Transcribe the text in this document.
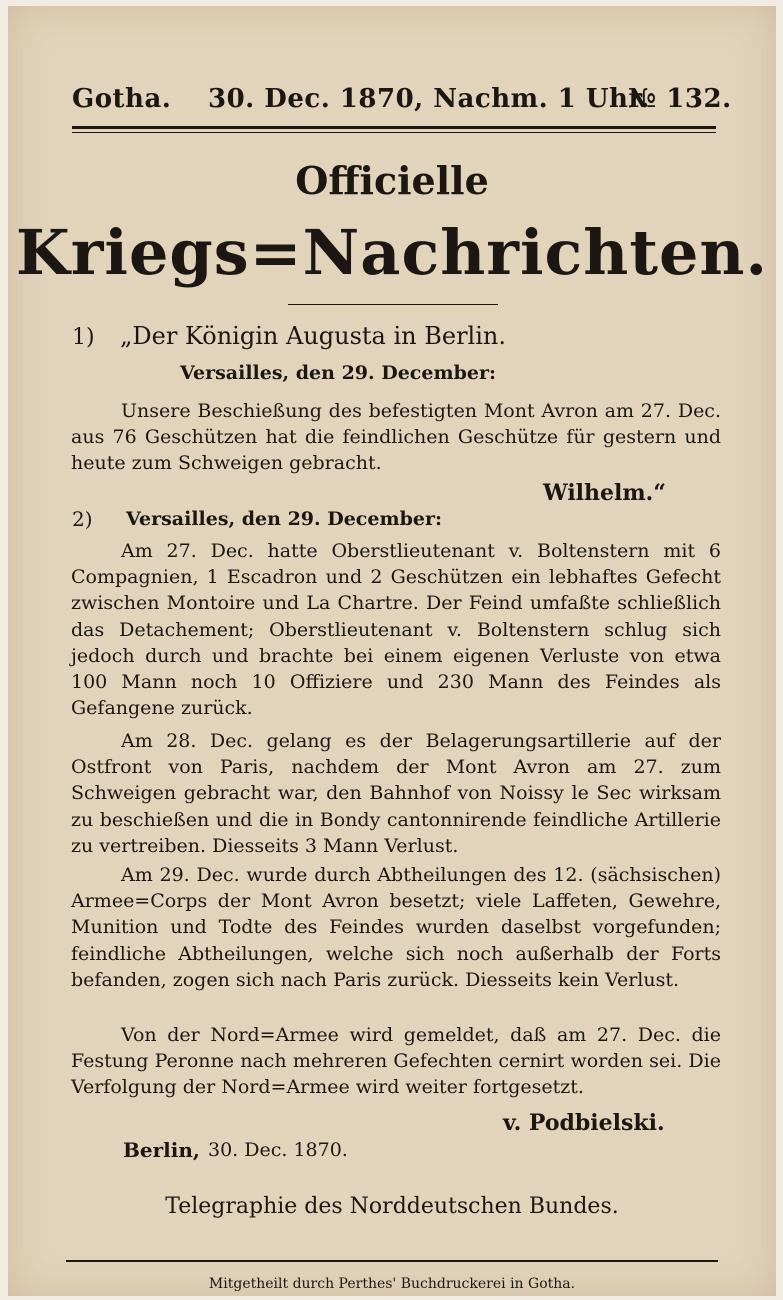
Gotha. 30. Dec. 1870, Nachm. 1 Uhr.
№ 132.
Officielle
Kriegs=Nachrichten.
1) „Der Königin Augusta in Berlin.
Versailles, den 29. December:
Unsere Beschießung des befestigten Mont Avron am 27. Dec. aus 76 Geschützen hat die feindlichen Geschütze für gestern und heute zum Schweigen gebracht.
Wilhelm.“
2) Versailles, den 29. December:
Am 27. Dec. hatte Oberstlieutenant v. Boltenstern mit 6 Compagnien, 1 Escadron und 2 Geschützen ein lebhaftes Gefecht zwischen Montoire und La Chartre. Der Feind umfaßte schließlich das Detachement; Oberstlieutenant v. Boltenstern schlug sich jedoch durch und brachte bei einem eigenen Verluste von etwa 100 Mann noch 10 Offiziere und 230 Mann des Feindes als Gefangene zurück.
Am 28. Dec. gelang es der Belagerungsartillerie auf der Ostfront von Paris, nachdem der Mont Avron am 27. zum Schweigen gebracht war, den Bahnhof von Noissy le Sec wirksam zu beschießen und die in Bondy cantonnirende feindliche Artillerie zu vertreiben. Diesseits 3 Mann Verlust.
Am 29. Dec. wurde durch Abtheilungen des 12. (sächsischen) Armee=Corps der Mont Avron besetzt; viele Laffeten, Gewehre, Munition und Todte des Feindes wurden daselbst vorgefunden; feindliche Abtheilungen, welche sich noch außerhalb der Forts befanden, zogen sich nach Paris zurück. Diesseits kein Verlust.
Von der Nord=Armee wird gemeldet, daß am 27. Dec. die Festung Peronne nach mehreren Gefechten cernirt worden sei. Die Verfolgung der Nord=Armee wird weiter fortgesetzt.
v. Podbielski.
Berlin, 30. Dec. 1870.
Telegraphie des Norddeutschen Bundes.
Mitgetheilt durch Perthes' Buchdruckerei in Gotha.
